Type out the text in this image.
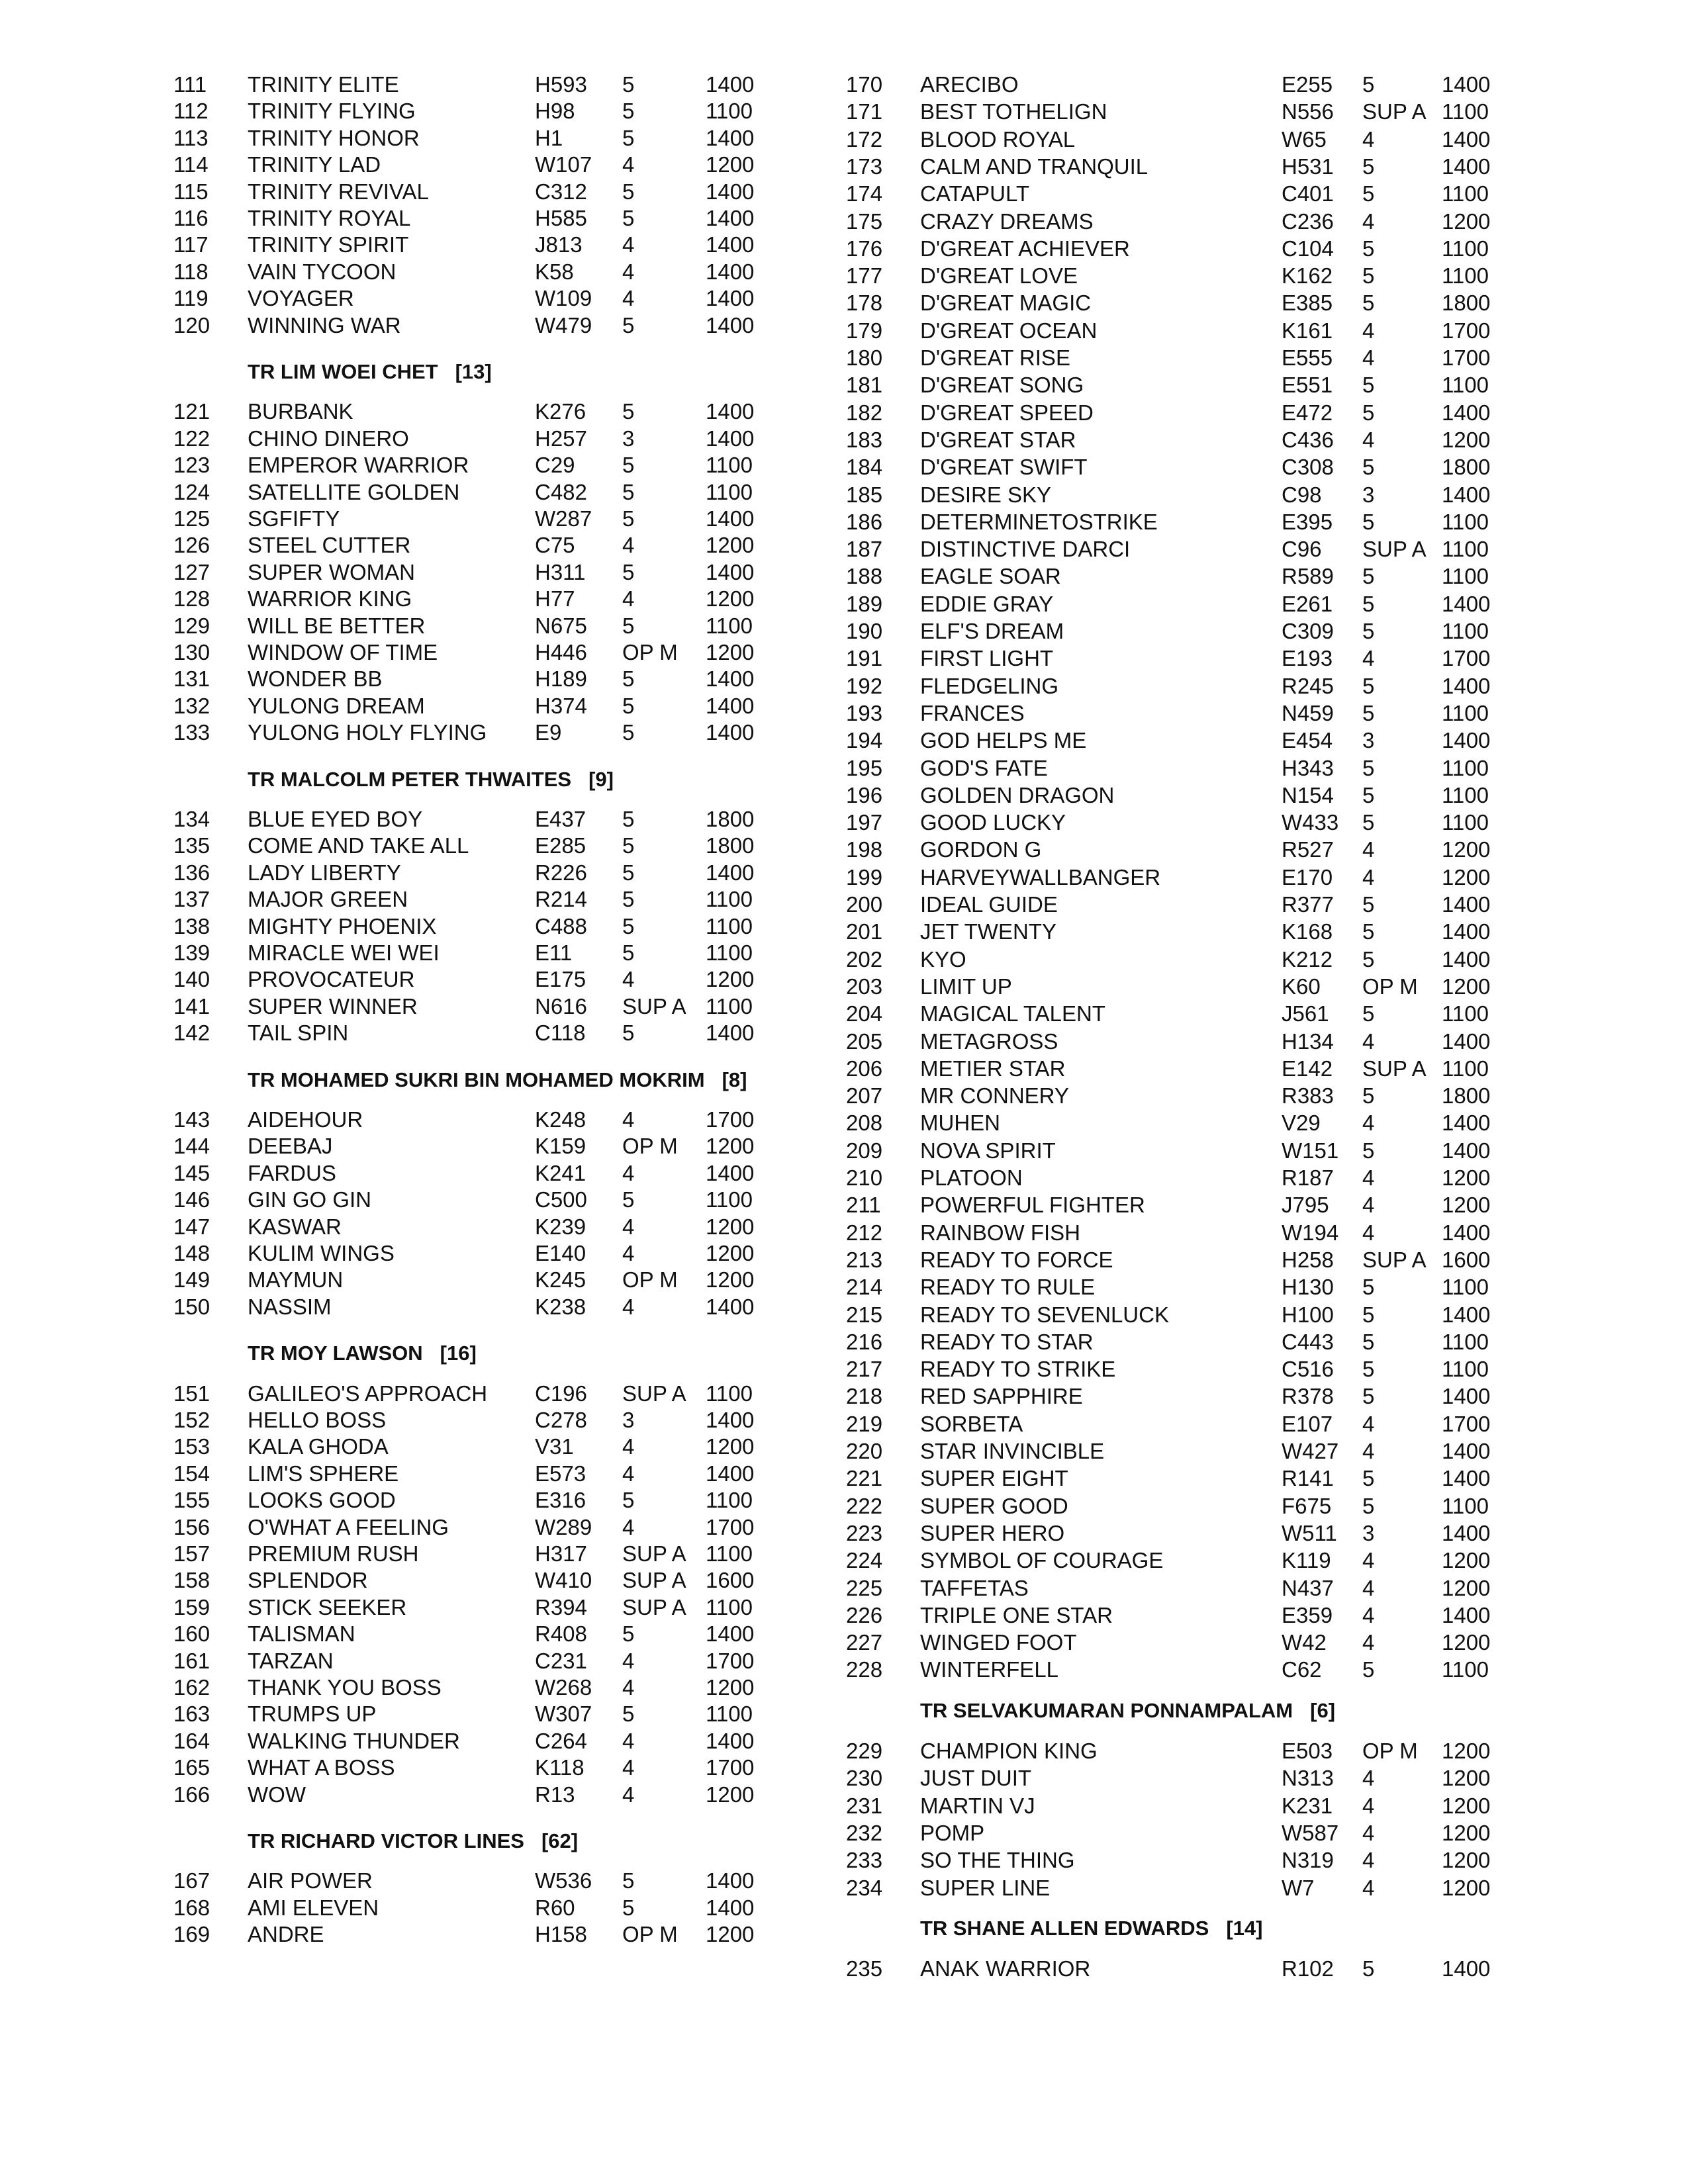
111 TRINITY ELITE	H593 5	1400
112 TRINITY FLYING	H98 5	1100
113 TRINITY HONOR	H1	5	1400
114 TRINITY LAD	W107 4	1200
115 TRINITY REVIVAL	C312 5	1400
116 TRINITY ROYAL	H585 5	1400
117 TRINITY SPIRIT	J813 4	1400
118 VAIN TYCOON	K58 4	1400
119 VOYAGER	W109 4	1400
120 WINNING WAR	W479 5	1400
TR LIM WOEI CHET [13]
121 BURBANK	K276 5	1400
122 CHINO DINERO	H257 3	1400
123 EMPEROR WARRIOR	C29 5	1100
124 SATELLITE GOLDEN	C482 5	1100
125 SGFIFTY	W287 5	1400
126 STEEL CUTTER	C75 4	1200
127 SUPER WOMAN	H311 5	1400
128 WARRIOR KING	H77 4	1200
129 WILL BE BETTER	N675 5	1100
130 WINDOW OF TIME	H446 OP M 1200
131 WONDER BB	H189 5	1400
132 YULONG DREAM	H374 5	1400
133 YULONG HOLY FLYING E9	5	1400
TR MALCOLM PETER THWAITES [9]
134 BLUE EYED BOY	E437 5	1800
135 COME AND TAKE ALL	E285 5	1800
136 LADY LIBERTY	R226 5	1400
137 MAJOR GREEN	R214 5	1100
138 MIGHTY PHOENIX	C488 5	1100
139 MIRACLE WEI WEI	E11 5	1100
140 PROVOCATEUR	E175 4	1200
141 SUPER WINNER	N616 SUP A 1100
142 TAIL SPIN	C118 5	1400
TR MOHAMED SUKRI BIN MOHAMED MOKRIM [8]
143 AIDEHOUR	K248 4	1700
144 DEEBAJ	K159 OP M 1200
145 FARDUS	K241 4	1400
146 GIN GO GIN	C500 5	1100
147 KASWAR	K239 4	1200
148 KULIM WINGS	E140 4	1200
149 MAYMUN	K245 OP M 1200
150 NASSIM	K238 4	1400
TR MOY LAWSON [16]
151 GALILEO'S APPROACH C196 SUP A 1100
152 HELLO BOSS	C278 3	1400
153 KALA GHODA	V31 4	1200
154 LIM'S SPHERE	E573 4	1400
155 LOOKS GOOD	E316 5	1100
156 O'WHAT A FEELING	W289 4	1700
157 PREMIUM RUSH	H317 SUP A 1100
158 SPLENDOR	W410 SUP A 1600
159 STICK SEEKER	R394 SUP A 1100
160 TALISMAN	R408 5	1400
161 TARZAN	C231 4	1700
162 THANK YOU BOSS	W268 4	1200
163 TRUMPS UP	W307 5	1100
164 WALKING THUNDER	C264 4	1400
165 WHAT A BOSS	K118 4	1700
166 WOW	R13 4	1200
TR RICHARD VICTOR LINES [62]
167 AIR POWER	W536 5	1400
168 AMI ELEVEN	R60 5	1400
169 ANDRE	H158 OP M 1200
170 ARECIBO	E255 5	1400
171 BEST TOTHELIGN	N556 SUP A 1100
172 BLOOD ROYAL	W65 4	1400
173 CALM AND TRANQUIL	H531 5	1400
174 CATAPULT	C401 5	1100
175 CRAZY DREAMS	C236 4	1200
176 D'GREAT ACHIEVER	C104 5	1100
177 D'GREAT LOVE	K162 5	1100
178 D'GREAT MAGIC	E385 5	1800
179 D'GREAT OCEAN	K161 4	1700
180 D'GREAT RISE	E555 4	1700
181 D'GREAT SONG	E551 5	1100
182 D'GREAT SPEED	E472 5	1400
183 D'GREAT STAR	C436 4	1200
184 D'GREAT SWIFT	C308 5	1800
185 DESIRE SKY	C98 3	1400
186 DETERMINETOSTRIKE	E395 5	1100
187 DISTINCTIVE DARCI	C96 SUP A 1100
188 EAGLE SOAR	R589 5	1100
189 EDDIE GRAY	E261 5	1400
190 ELF'S DREAM	C309 5	1100
191 FIRST LIGHT	E193 4	1700
192 FLEDGELING	R245 5	1400
193 FRANCES	N459 5	1100
194 GOD HELPS ME	E454 3	1400
195 GOD'S FATE	H343 5	1100
196 GOLDEN DRAGON	N154 5	1100
197 GOOD LUCKY	W433 5	1100
198 GORDON G	R527 4	1200
199 HARVEYWALLBANGER	E170 4	1200
200 IDEAL GUIDE	R377 5	1400
201 JET TWENTY	K168 5	1400
202 KYO	K212 5	1400
203 LIMIT UP	K60 OP M 1200
204 MAGICAL TALENT	J561 5	1100
205 METAGROSS	H134 4	1400
206 METIER STAR	E142 SUP A 1100
207 MR CONNERY	R383 5	1800
208 MUHEN	V29 4	1400
209 NOVA SPIRIT	W151 5	1400
210 PLATOON	R187 4	1200
211 POWERFUL FIGHTER	J795 4	1200
212 RAINBOW FISH	W194 4	1400
213 READY TO FORCE	H258 SUP A 1600
214 READY TO RULE	H130 5	1100
215 READY TO SEVENLUCK	H100 5	1400
216 READY TO STAR	C443 5	1100
217 READY TO STRIKE	C516 5	1100
218 RED SAPPHIRE	R378 5	1400
219 SORBETA	E107 4	1700
220 STAR INVINCIBLE	W427 4	1400
221 SUPER EIGHT	R141 5	1400
222 SUPER GOOD	F675 5	1100
223 SUPER HERO	W511 3	1400
224 SYMBOL OF COURAGE	K119 4	1200
225 TAFFETAS	N437 4	1200
226 TRIPLE ONE STAR	E359 4	1400
227 WINGED FOOT	W42 4	1200
228 WINTERFELL	C62 5	1100
TR SELVAKUMARAN PONNAMPALAM [6]
229 CHAMPION KING	E503 OP M 1200
230 JUST DUIT	N313 4	1200
231 MARTIN VJ	K231 4	1200
232 POMP	W587 4	1200
233 SO THE THING	N319 4	1200
234 SUPER LINE	W7 4	1200
TR SHANE ALLEN EDWARDS [14]
235 ANAK WARRIOR	R102 5	1400
